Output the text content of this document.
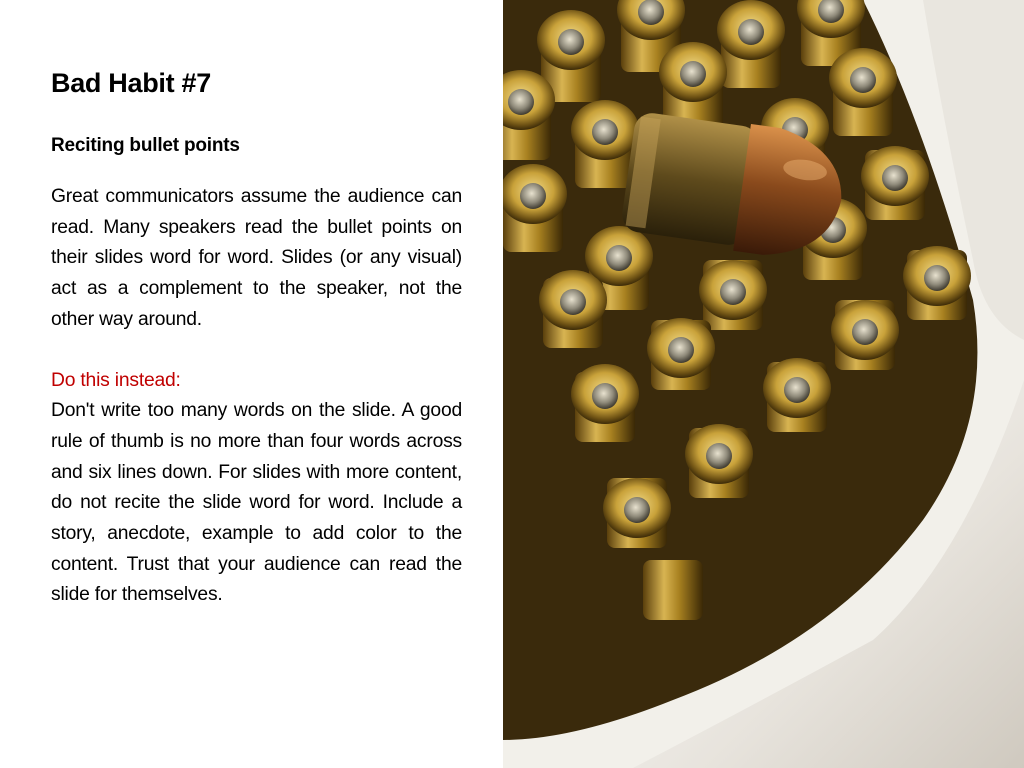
Bad Habit #7
Reciting bullet points
Great communicators assume the audience can read. Many speakers read the bullet points on their slides word for word. Slides (or any visual) act as a complement to the speaker, not the other way around.
Do this instead:
Don't write too many words on the slide. A good rule of thumb is no more than four words across and six lines down. For slides with more content, do not recite the slide word for word. Include a story, anecdote, example to add color to the content. Trust that your audience can read the slide for themselves.
